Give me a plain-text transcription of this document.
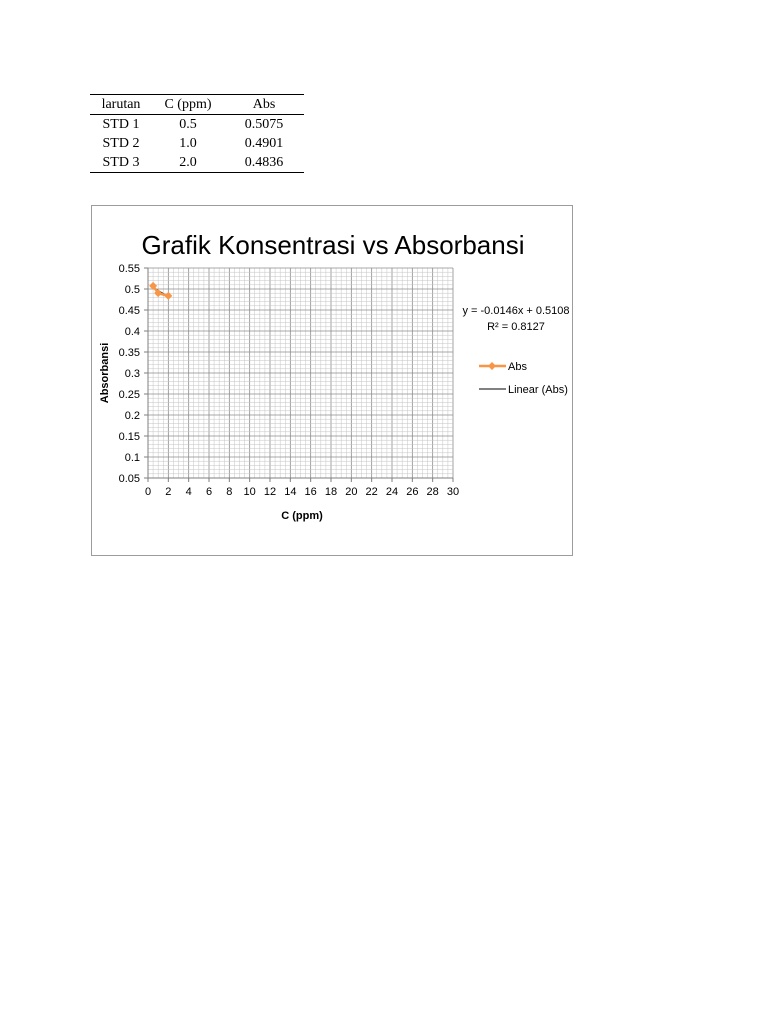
larutan	C (ppm)	Abs
STD 1	0.5	0.5075
STD 2	1.0	0.4901
STD 3	2.0	0.4836
Grafik Konsentrasi vs Absorbansi
0 2 4 6 8 10 12 14 16 18 20 22 24 26 28 30
0.55
0.5
0.45
0.4
0.35
0.3
0.25
0.2
0.15
0.1
0.05
C (ppm)
Absorbansi
y = -0.0146x + 0.5108
R² = 0.8127
Abs
Linear (Abs)
